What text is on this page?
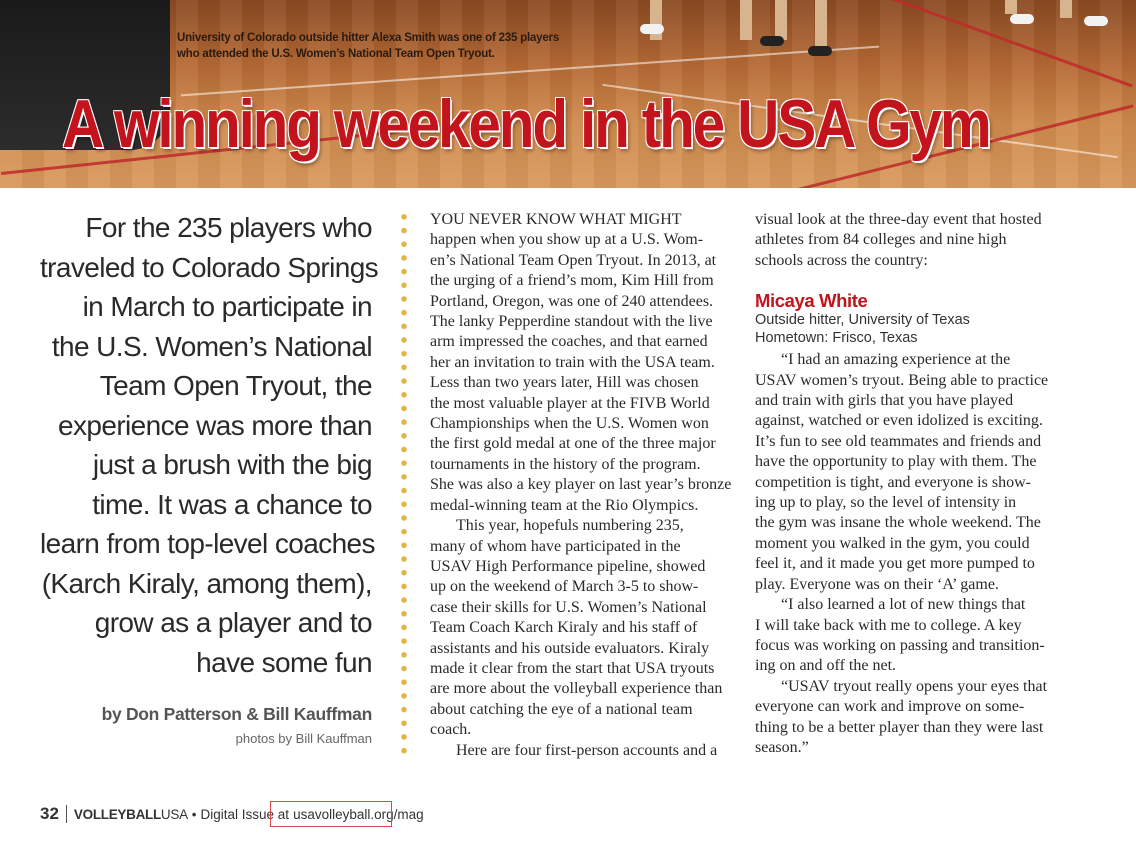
University of Colorado outside hitter Alexa Smith was one of 235 players
who attended the U.S. Women’s National Team Open Tryout.
A winning weekend in the USA Gym
For the 235 players who
traveled to Colorado Springs
in March to participate in
the U.S. Women’s National
Team Open Tryout, the
experience was more than
just a brush with the big
time. It was a chance to
learn from top-level coaches
(Karch Kiraly, among them),
grow as a player and to
have some fun
by Don Patterson & Bill Kauffman
photos by Bill Kauffman
YOU NEVER KNOW WHAT MIGHT
happen when you show up at a U.S. Wom-
en’s National Team Open Tryout. In 2013, at
the urging of a friend’s mom, Kim Hill from
Portland, Oregon, was one of 240 attendees.
The lanky Pepperdine standout with the live
arm impressed the coaches, and that earned
her an invitation to train with the USA team.
Less than two years later, Hill was chosen
the most valuable player at the FIVB World
Championships when the U.S. Women won
the first gold medal at one of the three major
tournaments in the history of the program.
She was also a key player on last year’s bronze
medal-winning team at the Rio Olympics.
This year, hopefuls numbering 235,
many of whom have participated in the
USAV High Performance pipeline, showed
up on the weekend of March 3-5 to show-
case their skills for U.S. Women’s National
Team Coach Karch Kiraly and his staff of
assistants and his outside evaluators. Kiraly
made it clear from the start that USA tryouts
are more about the volleyball experience than
about catching the eye of a national team
coach.
Here are four first-person accounts and a
visual look at the three-day event that hosted
athletes from 84 colleges and nine high
schools across the country:
Micaya White
Outside hitter, University of Texas
Hometown: Frisco, Texas
“I had an amazing experience at the
USAV women’s tryout. Being able to practice
and train with girls that you have played
against, watched or even idolized is exciting.
It’s fun to see old teammates and friends and
have the opportunity to play with them. The
competition is tight, and everyone is show-
ing up to play, so the level of intensity in
the gym was insane the whole weekend. The
moment you walked in the gym, you could
feel it, and it made you get more pumped to
play. Everyone was on their ‘A’ game.
“I also learned a lot of new things that
I will take back with me to college. A key
focus was working on passing and transition-
ing on and off the net.
“USAV tryout really opens your eyes that
everyone can work and improve on some-
thing to be a better player than they were last
season.”
32 VOLLEYBALL USA • Digital Issue at usavolleyball.org/mag
